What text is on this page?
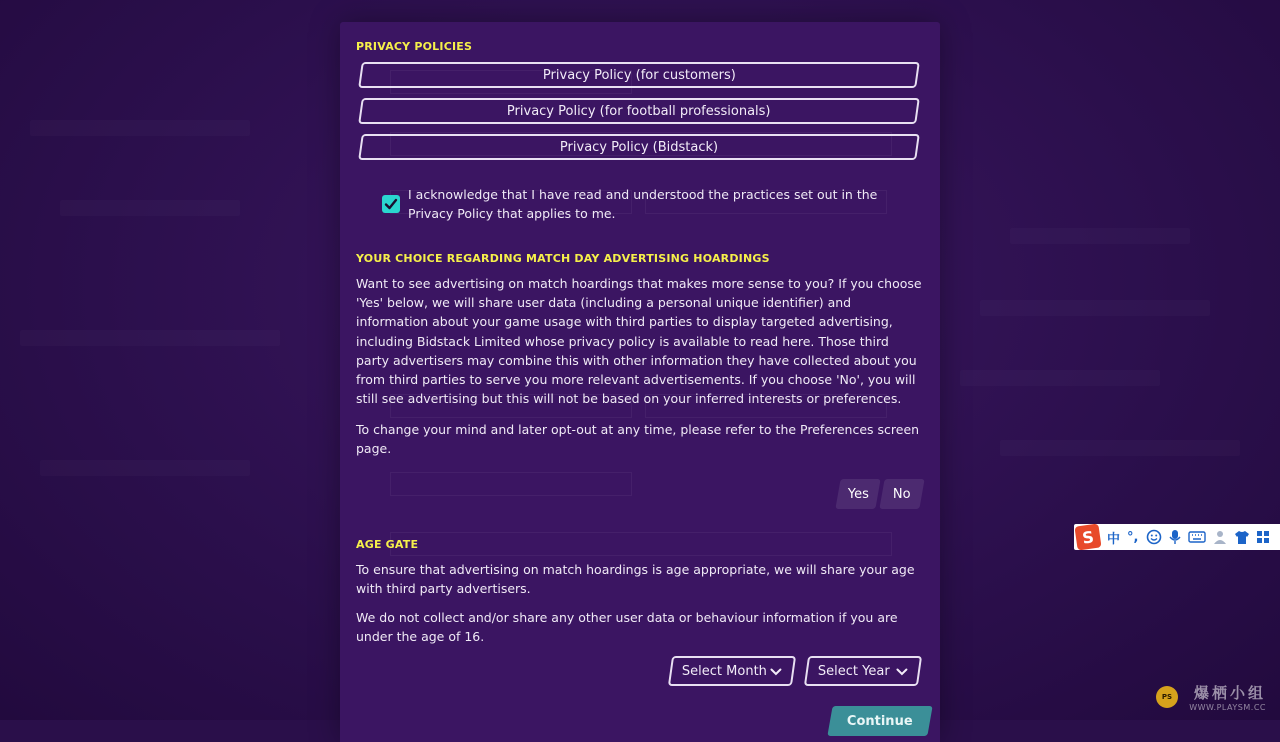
PRIVACY POLICIES
Privacy Policy (for customers)
Privacy Policy (for football professionals)
Privacy Policy (Bidstack)
I acknowledge that I have read and understood the practices set out in the Privacy Policy that applies to me.
YOUR CHOICE REGARDING MATCH DAY ADVERTISING HOARDINGS
Want to see advertising on match hoardings that makes more sense to you? If you choose 'Yes' below, we will share user data (including a personal unique identifier) and information about your game usage with third parties to display targeted advertising, including Bidstack Limited whose privacy policy is available to read here. Those third party advertisers may combine this with other information they have collected about you from third parties to serve you more relevant advertisements. If you choose 'No', you will still see advertising but this will not be based on your inferred interests or preferences.
To change your mind and later opt-out at any time, please refer to the Preferences screen page.
AGE GATE
To ensure that advertising on match hoardings is age appropriate, we will share your age with third party advertisers.
We do not collect and/or share any other user data or behaviour information if you are under the age of 16.
Yes No
Select Month	Select Year
Continue
S 中 °,
PS	爆栖小组
WWW.PLAYSM.CC
